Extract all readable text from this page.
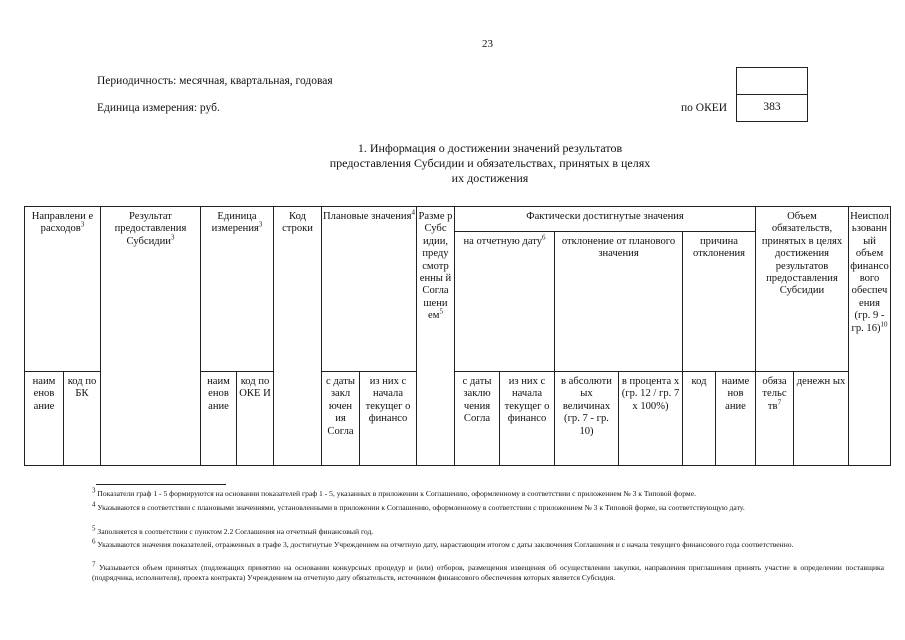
23
Периодичность: месячная, квартальная, годовая
Единица измерения: руб.	по ОКЕИ	383
1. Информация о достижении значений результатов
предоставления Субсидии и обязательствах, принятых в целях
их достижения
Направлени е расходов$^3$		Результат предоставления Субсидии$^3$	Единица измерения$^3$		Код строки	Плановые значения$^4$		Разме р Субс идии, преду смотр енны й Согла шени $ем^5$	Фактически достигнутые значения						Объем обязательств, принятых в целях достижения результатов предоставления Субсидии		Неиспол ьзованн ый объем финансо вого обеспеч ения (гр. 9 - гр. 16)$^{10}$
									на отчетную дату$^6$		отклонение от планового значения		причина отклонения				

наим енов ание	код по БК		наим енов ание	код по ОКЕ И		с даты закл ючен ия Согла	из них с начала текущег о финансо		с даты заклю чения Согла	из них с начала текущег о финансо	в абсолюти ых величинах (гр. 7 - гр. 10)	в процента х (гр. 12 / гр. 7 х 100%)	код	наиме нов ание	обяза тельс $тв^7$	денежн ых	
$^3$ Показатели граф 1 - 5 формируются на основании показателей граф 1 - 5, указанных в приложении к Соглашению, оформленному в соответствии с приложением № 3 к Типовой форме.
$^4$ Указываются в соответствии с плановыми значениями, установленными в приложении к Соглашению, оформленному в соответствии с приложением № 3 к Типовой форме, на соответствующую дату.
$^5$ Заполняется в соответствии с пунктом 2.2 Соглашения на отчетный финансовый год.
$^6$ Указываются значения показателей, отраженных в графе 3, достигнутые Учреждением на отчетную дату, нарастающим итогом с даты заключения Соглашения и с начала текущего финансового года соответственно.
$^7$ Указывается объем принятых (подлежащих принятию на основании конкурсных процедур и (или) отборов, размещения извещения об осуществлении закупки, направления приглашения принять участие в определении поставщика (подрядчика, исполнителя), проекта контракта) Учреждением на отчетную дату обязательств, источником финансового обеспечения которых является Субсидия.
